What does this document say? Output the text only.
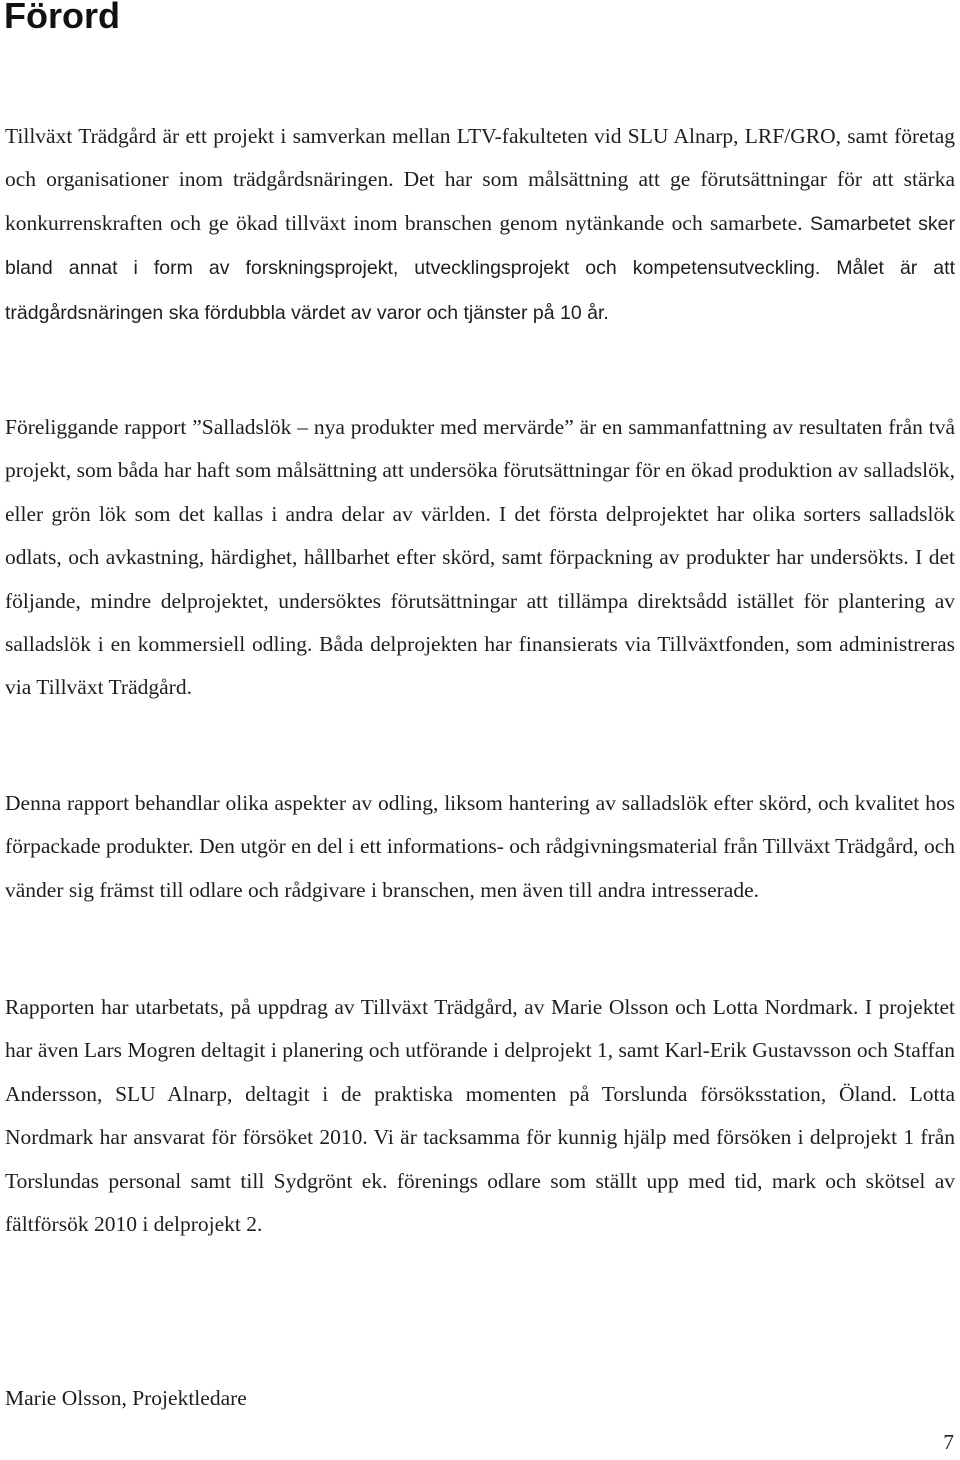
Förord

Tillväxt Trädgård är ett projekt i samverkan mellan LTV-fakulteten vid SLU Alnarp, LRF/GRO, samt företag och organisationer inom trädgårdsnäringen. Det har som målsättning att ge förutsättningar för att stärka konkurrenskraften och ge ökad tillväxt inom branschen genom nytänkande och samarbete. Samarbetet sker bland annat i form av forskningsprojekt, utvecklingsprojekt och kompetensutveckling. Målet är att trädgårdsnäringen ska fördubbla värdet av varor och tjänster på 10 år.

Föreliggande rapport ”Salladslök – nya produkter med mervärde” är en sammanfattning av resultaten från två projekt, som båda har haft som målsättning att undersöka förutsättningar för en ökad produktion av salladslök, eller grön lök som det kallas i andra delar av världen. I det första delprojektet har olika sorters salladslök odlats, och avkastning, härdighet, hållbarhet efter skörd, samt förpackning av produkter har undersökts. I det följande, mindre delprojektet, undersöktes förutsättningar att tillämpa direktsådd istället för plantering av salladslök i en kommersiell odling. Båda delprojekten har finansierats via Tillväxtfonden, som administreras via Tillväxt Trädgård.

Denna rapport behandlar olika aspekter av odling, liksom hantering av salladslök efter skörd, och kvalitet hos förpackade produkter. Den utgör en del i ett informations- och rådgivningsmaterial från Tillväxt Trädgård, och vänder sig främst till odlare och rådgivare i branschen, men även till andra intresserade.

Rapporten har utarbetats, på uppdrag av Tillväxt Trädgård, av Marie Olsson och Lotta Nordmark. I projektet har även Lars Mogren deltagit i planering och utförande i delprojekt 1, samt Karl-Erik Gustavsson och Staffan Andersson, SLU Alnarp, deltagit i de praktiska momenten på Torslunda försöksstation, Öland. Lotta Nordmark har ansvarat för försöket 2010. Vi är tacksamma för kunnig hjälp med försöken i delprojekt 1 från Torslundas personal samt till Sydgrönt ek. förenings odlare som ställt upp med tid, mark och skötsel av fältförsök 2010 i delprojekt 2.

Marie Olsson, Projektledare

7
